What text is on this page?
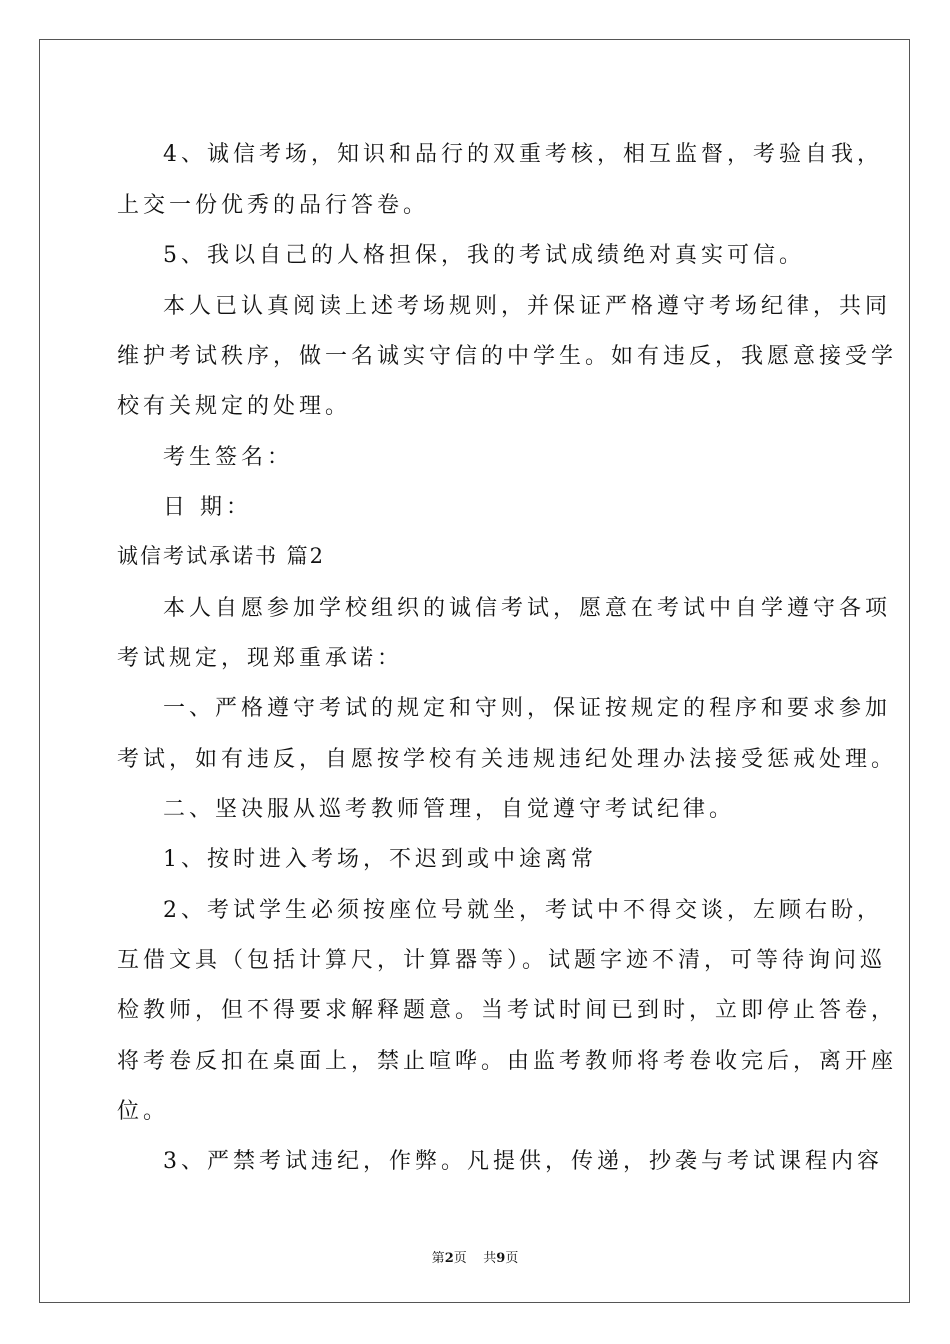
4、诚信考场，知识和品行的双重考核，相互监督，考验自我，
上交一份优秀的品行答卷。
5、我以自己的人格担保，我的考试成绩绝对真实可信。
本人已认真阅读上述考场规则，并保证严格遵守考场纪律，共同
维护考试秩序，做一名诚实守信的中学生。如有违反，我愿意接受学
校有关规定的处理。
考生签名：
日 期：
诚信考试承诺书 篇2
本人自愿参加学校组织的诚信考试，愿意在考试中自学遵守各项
考试规定，现郑重承诺：
一、严格遵守考试的规定和守则，保证按规定的程序和要求参加
考试，如有违反，自愿按学校有关违规违纪处理办法接受惩戒处理。
二、坚决服从巡考教师管理，自觉遵守考试纪律。
1、按时进入考场，不迟到或中途离常
2、考试学生必须按座位号就坐，考试中不得交谈，左顾右盼，
互借文具（包括计算尺，计算器等）。试题字迹不清，可等待询问巡
检教师，但不得要求解释题意。当考试时间已到时，立即停止答卷，
将考卷反扣在桌面上，禁止喧哗。由监考教师将考卷收完后，离开座
位。
3、严禁考试违纪，作弊。凡提供，传递，抄袭与考试课程内容
第2页    共9页
